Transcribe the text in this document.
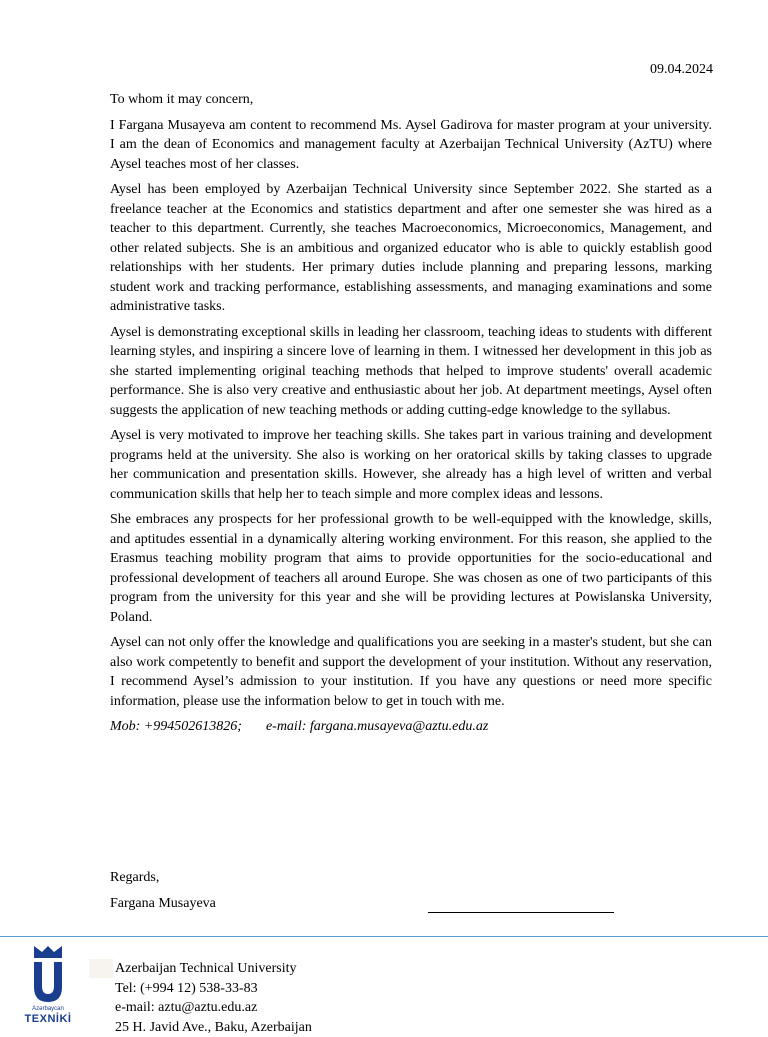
09.04.2024

To whom it may concern,

I Fargana Musayeva am content to recommend Ms. Aysel Gadirova for master program at your university. I am the dean of Economics and management faculty at Azerbaijan Technical University (AzTU) where Aysel teaches most of her classes.

Aysel has been employed by Azerbaijan Technical University since September 2022. She started as a freelance teacher at the Economics and statistics department and after one semester she was hired as a teacher to this department. Currently, she teaches Macroeconomics, Microeconomics, Management, and other related subjects. She is an ambitious and organized educator who is able to quickly establish good relationships with her students. Her primary duties include planning and preparing lessons, marking student work and tracking performance, establishing assessments, and managing examinations and some administrative tasks.

Aysel is demonstrating exceptional skills in leading her classroom, teaching ideas to students with different learning styles, and inspiring a sincere love of learning in them. I witnessed her development in this job as she started implementing original teaching methods that helped to improve students' overall academic performance. She is also very creative and enthusiastic about her job. At department meetings, Aysel often suggests the application of new teaching methods or adding cutting-edge knowledge to the syllabus.

Aysel is very motivated to improve her teaching skills. She takes part in various training and development programs held at the university. She also is working on her oratorical skills by taking classes to upgrade her communication and presentation skills. However, she already has a high level of written and verbal communication skills that help her to teach simple and more complex ideas and lessons.

She embraces any prospects for her professional growth to be well-equipped with the knowledge, skills, and aptitudes essential in a dynamically altering working environment. For this reason, she applied to the Erasmus teaching mobility program that aims to provide opportunities for the socio-educational and professional development of teachers all around Europe. She was chosen as one of two participants of this program from the university for this year and she will be providing lectures at Powislanska University, Poland.

Aysel can not only offer the knowledge and qualifications you are seeking in a master's student, but she can also work competently to benefit and support the development of your institution. Without any reservation, I recommend Aysel’s admission to your institution. If you have any questions or need more specific information, please use the information below to get in touch with me.

Mob: +994502613826; e-mail: fargana.musayeva@aztu.edu.az
Regards,
Fargana Musayeva
Azərbaycan
TEXNİKİ
Azerbaijan Technical University
Tel: (+994 12) 538-33-83
e-mail: aztu@aztu.edu.az
25 H. Javid Ave., Baku, Azerbaijan
